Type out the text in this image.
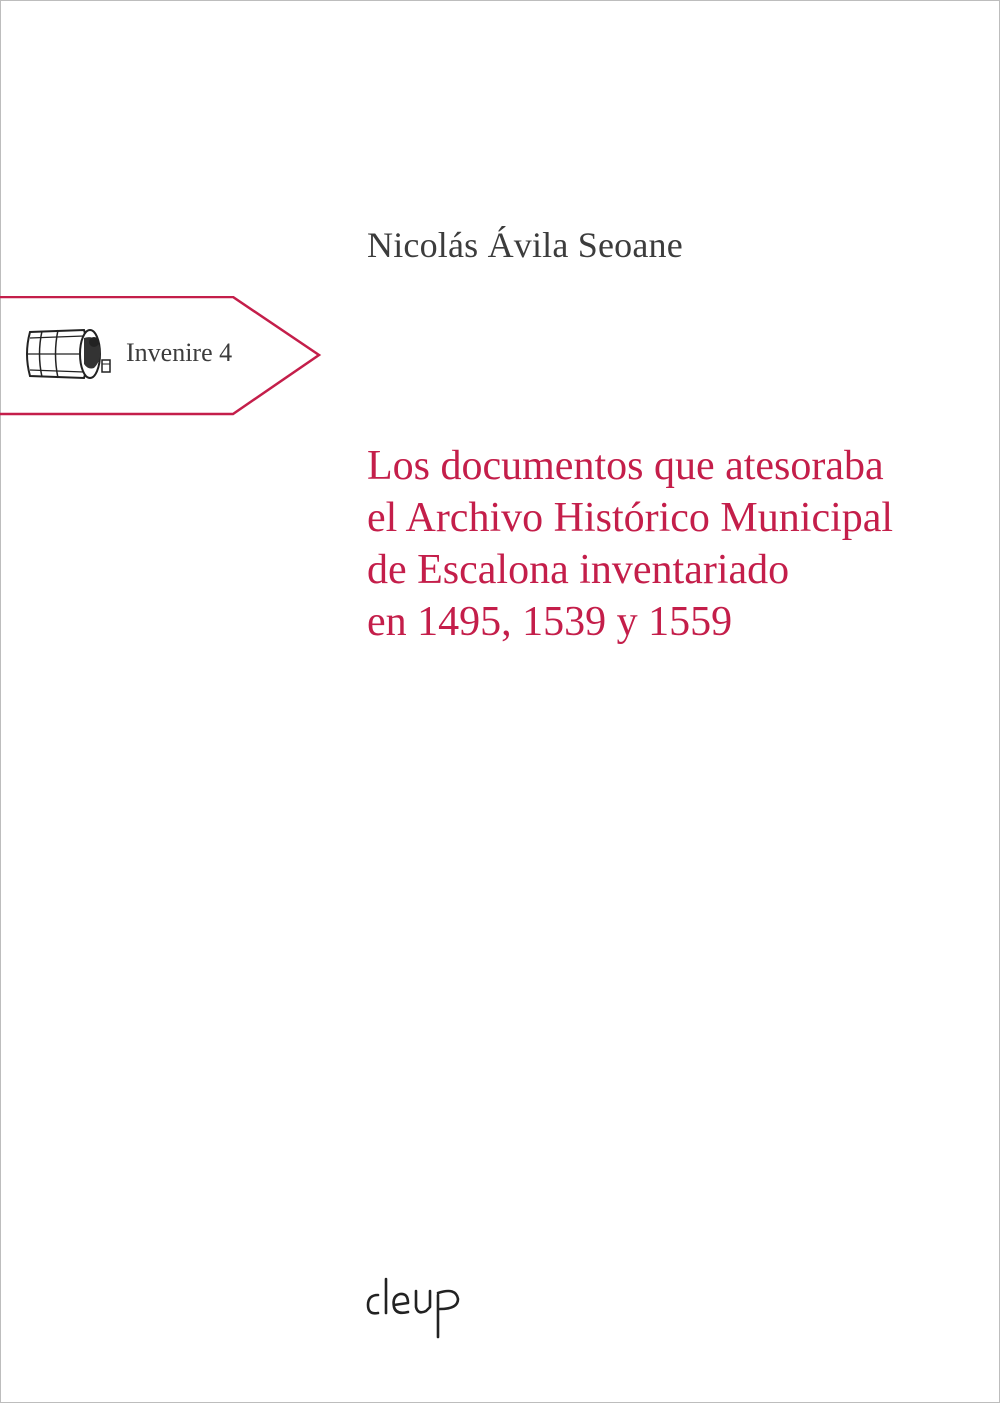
Nicolás Ávila Seoane
Invenire 4
Los documentos que atesoraba
el Archivo Histórico Municipal
de Escalona inventariado
en 1495, 1539 y 1559
